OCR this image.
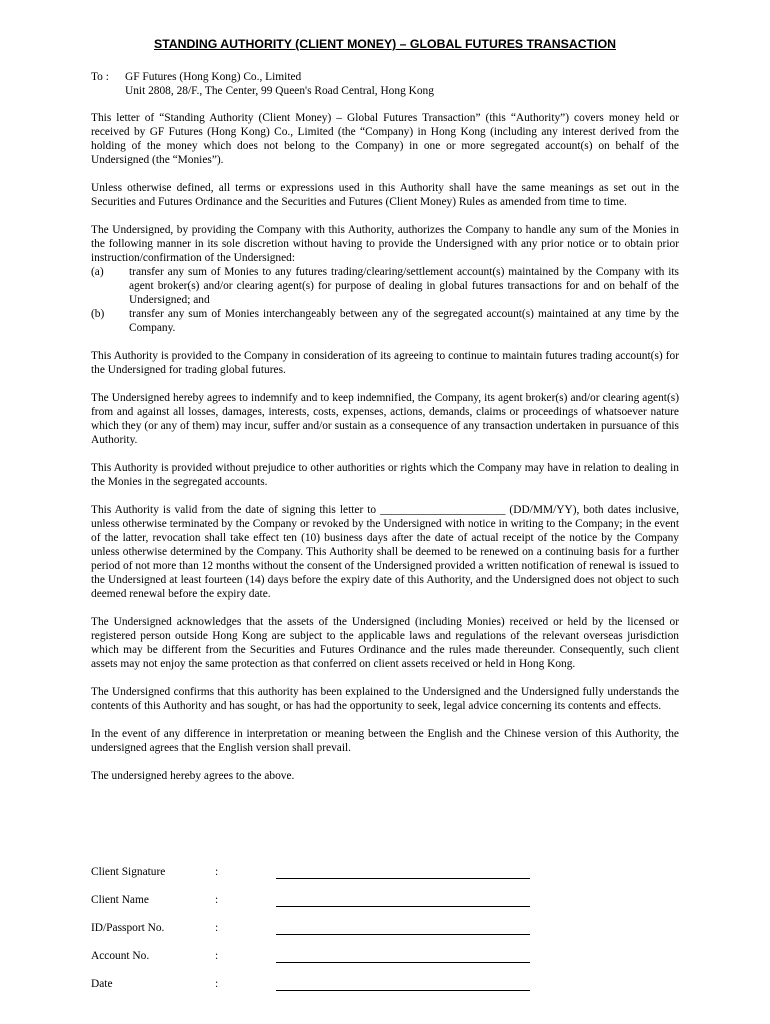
STANDING AUTHORITY (CLIENT MONEY) – GLOBAL FUTURES TRANSACTION
To :	GF Futures (Hong Kong) Co., Limited
Unit 2808, 28/F., The Center, 99 Queen's Road Central, Hong Kong

This letter of “Standing Authority (Client Money) – Global Futures Transaction” (this “Authority”) covers money held or received by GF Futures (Hong Kong) Co., Limited (the “Company) in Hong Kong (including any interest derived from the holding of the money which does not belong to the Company) in one or more segregated account(s) on behalf of the Undersigned (the “Monies”).

Unless otherwise defined, all terms or expressions used in this Authority shall have the same meanings as set out in the Securities and Futures Ordinance and the Securities and Futures (Client Money) Rules as amended from time to time.

The Undersigned, by providing the Company with this Authority, authorizes the Company to handle any sum of the Monies in the following manner in its sole discretion without having to provide the Undersigned with any prior notice or to obtain prior instruction/confirmation of the Undersigned:

(a)	transfer any sum of Monies to any futures trading/clearing/settlement account(s) maintained by the Company with its agent broker(s) and/or clearing agent(s) for purpose of dealing in global futures transactions for and on behalf of the Undersigned; and
(b)	transfer any sum of Monies interchangeably between any of the segregated account(s) maintained at any time by the Company.

This Authority is provided to the Company in consideration of its agreeing to continue to maintain futures trading account(s) for the Undersigned for trading global futures.

The Undersigned hereby agrees to indemnify and to keep indemnified, the Company, its agent broker(s) and/or clearing agent(s) from and against all losses, damages, interests, costs, expenses, actions, demands, claims or proceedings of whatsoever nature which they (or any of them) may incur, suffer and/or sustain as a consequence of any transaction undertaken in pursuance of this Authority.

This Authority is provided without prejudice to other authorities or rights which the Company may have in relation to dealing in the Monies in the segregated accounts.

This Authority is valid from the date of signing this letter to ______________________ (DD/MM/YY), both dates inclusive, unless otherwise terminated by the Company or revoked by the Undersigned with notice in writing to the Company; in the event of the latter, revocation shall take effect ten (10) business days after the date of actual receipt of the notice by the Company unless otherwise determined by the Company. This Authority shall be deemed to be renewed on a continuing basis for a further period of not more than 12 months without the consent of the Undersigned provided a written notification of renewal is issued to the Undersigned at least fourteen (14) days before the expiry date of this Authority, and the Undersigned does not object to such deemed renewal before the expiry date.

The Undersigned acknowledges that the assets of the Undersigned (including Monies) received or held by the licensed or registered person outside Hong Kong are subject to the applicable laws and regulations of the relevant overseas jurisdiction which may be different from the Securities and Futures Ordinance and the rules made thereunder. Consequently, such client assets may not enjoy the same protection as that conferred on client assets received or held in Hong Kong.

The Undersigned confirms that this authority has been explained to the Undersigned and the Undersigned fully understands the contents of this Authority and has sought, or has had the opportunity to seek, legal advice concerning its contents and effects.

In the event of any difference in interpretation or meaning between the English and the Chinese version of this Authority, the undersigned agrees that the English version shall prevail.

The undersigned hereby agrees to the above.

Client Signature	:
Client Name	:
ID/Passport No.	:
Account No.	:
Date	:
